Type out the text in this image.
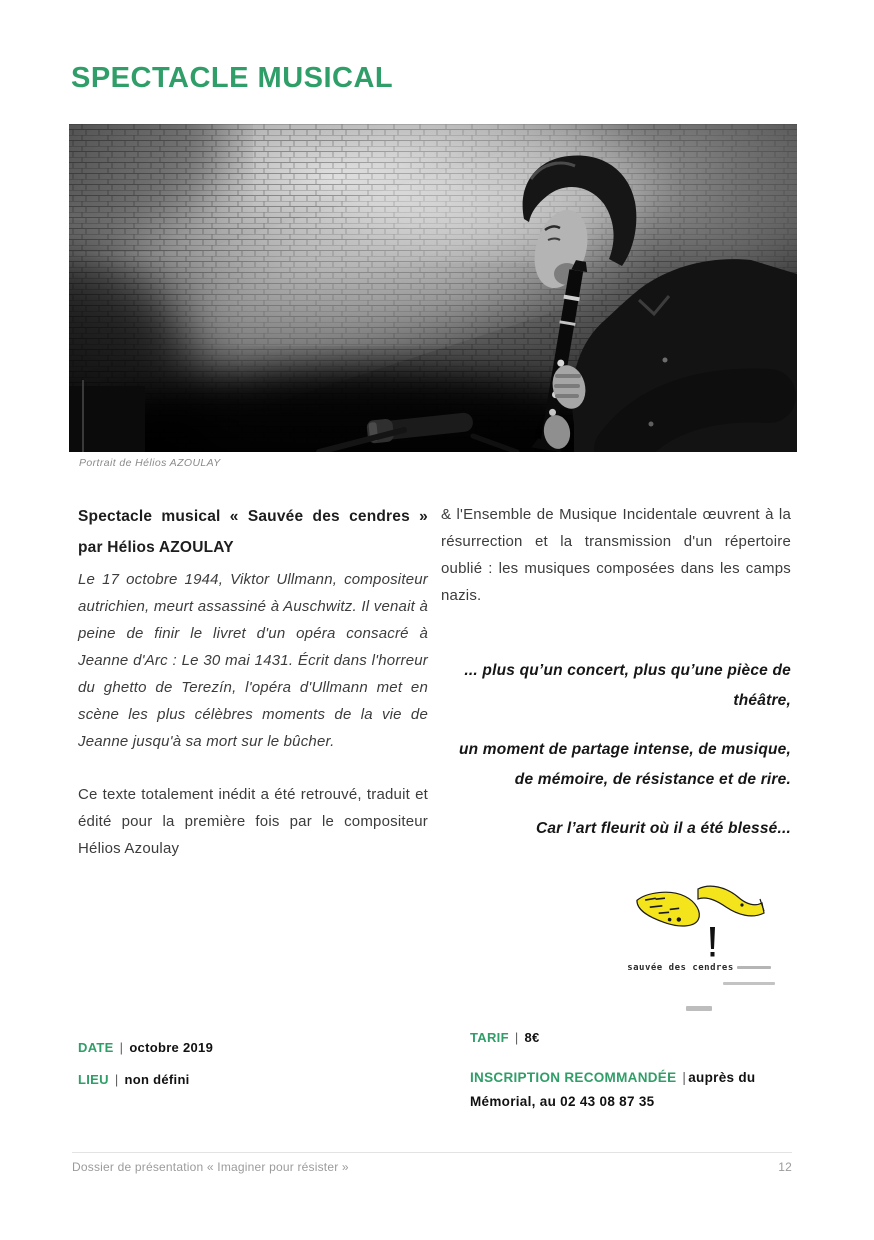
SPECTACLE MUSICAL
Portrait de Hélios AZOULAY
Spectacle musical « Sauvée des cendres » par Hélios AZOULAY

Le 17 octobre 1944, Viktor Ullmann, compositeur autrichien, meurt assassiné à Auschwitz. Il venait à peine de finir le livret d'un opéra consacré à Jeanne d'Arc : Le 30 mai 1431. Écrit dans l'horreur du ghetto de Terezín, l'opéra d'Ullmann met en scène les plus célèbres moments de la vie de Jeanne jusqu'à sa mort sur le bûcher.

Ce texte totalement inédit a été retrouvé, traduit et édité pour la première fois par le compositeur Hélios Azoulay

& l'Ensemble de Musique Incidentale œuvrent à la résurrection et la transmission d'un répertoire oublié : les musiques composées dans les camps nazis.

... plus qu’un concert, plus qu’une pièce de théâtre,

un moment de partage intense, de musique, de mémoire, de résistance et de rire.

Car l’art fleurit où il a été blessé...

sauvée des cendres
DATE | octobre 2019
LIEU | non défini
TARIF | 8€
INSCRIPTION RECOMMANDÉE | auprès du Mémorial, au 02 43 08 87 35
12
Dossier de présentation « Imaginer pour résister »
